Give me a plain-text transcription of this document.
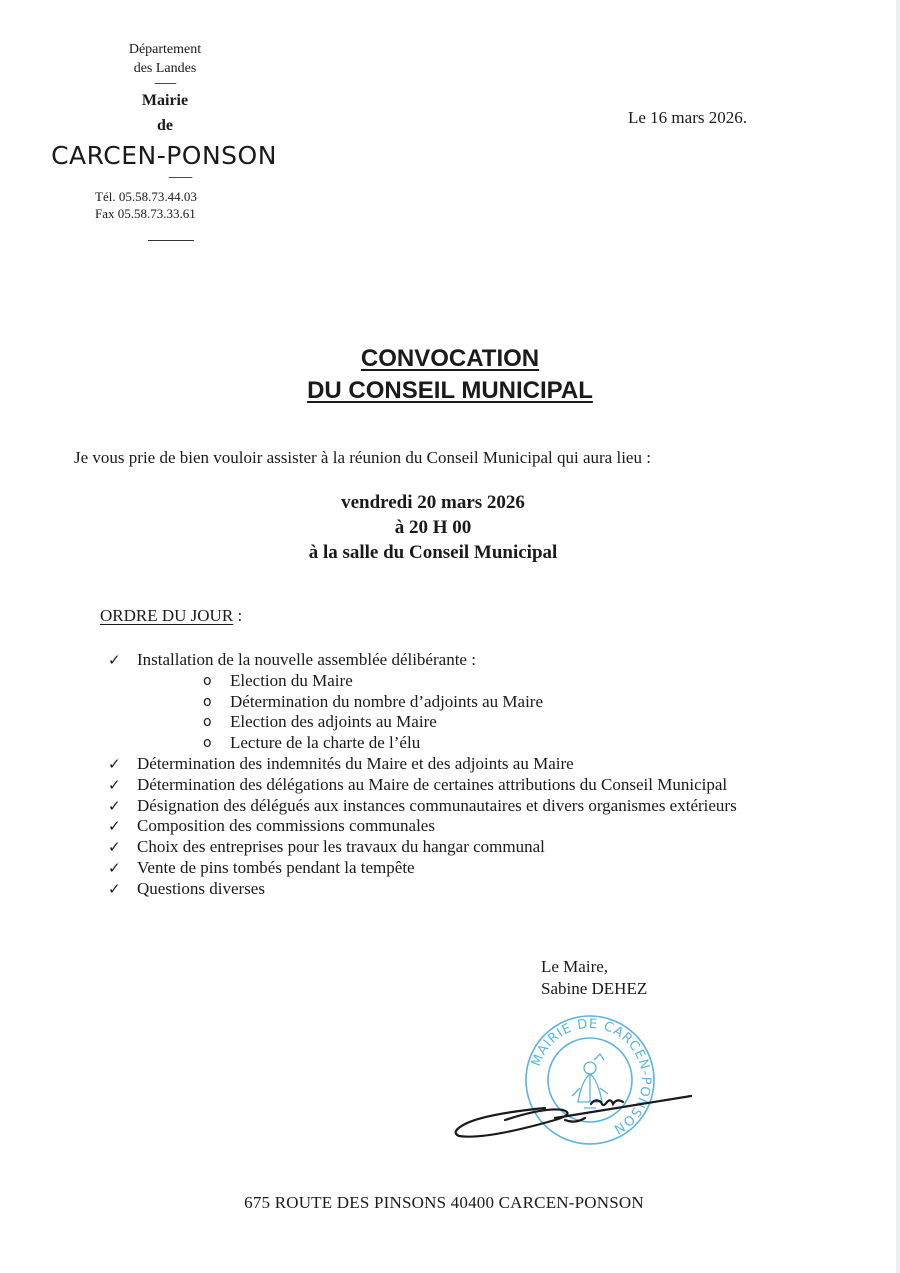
Département
des Landes
--------
Mairie
de
CARCEN-PONSON
----------
Tél. 05.58.73.44.03
Fax 05.58.73.33.61
Le 16 mars 2026.
CONVOCATION
DU CONSEIL MUNICIPAL
Je vous prie de bien vouloir assister à la réunion du Conseil Municipal qui aura lieu :
vendredi 20 mars 2026
à 20 H 00
à la salle du Conseil Municipal
ORDRE DU JOUR :
✓ Installation de la nouvelle assemblée délibérante :
o	Election du Maire
o	Détermination du nombre d’adjoints au Maire
o	Election des adjoints au Maire
o	Lecture de la charte de l’élu
✓ Détermination des indemnités du Maire et des adjoints au Maire
✓ Détermination des délégations au Maire de certaines attributions du Conseil Municipal
✓ Désignation des délégués aux instances communautaires et divers organismes extérieurs
✓ Composition des commissions communales
✓ Choix des entreprises pour les travaux du hangar communal
✓ Vente de pins tombés pendant la tempête
✓ Questions diverses
Le Maire,
Sabine DEHEZ
MAIRIE DE CARCEN-PONSON
675 ROUTE DES PINSONS 40400 CARCEN-PONSON
